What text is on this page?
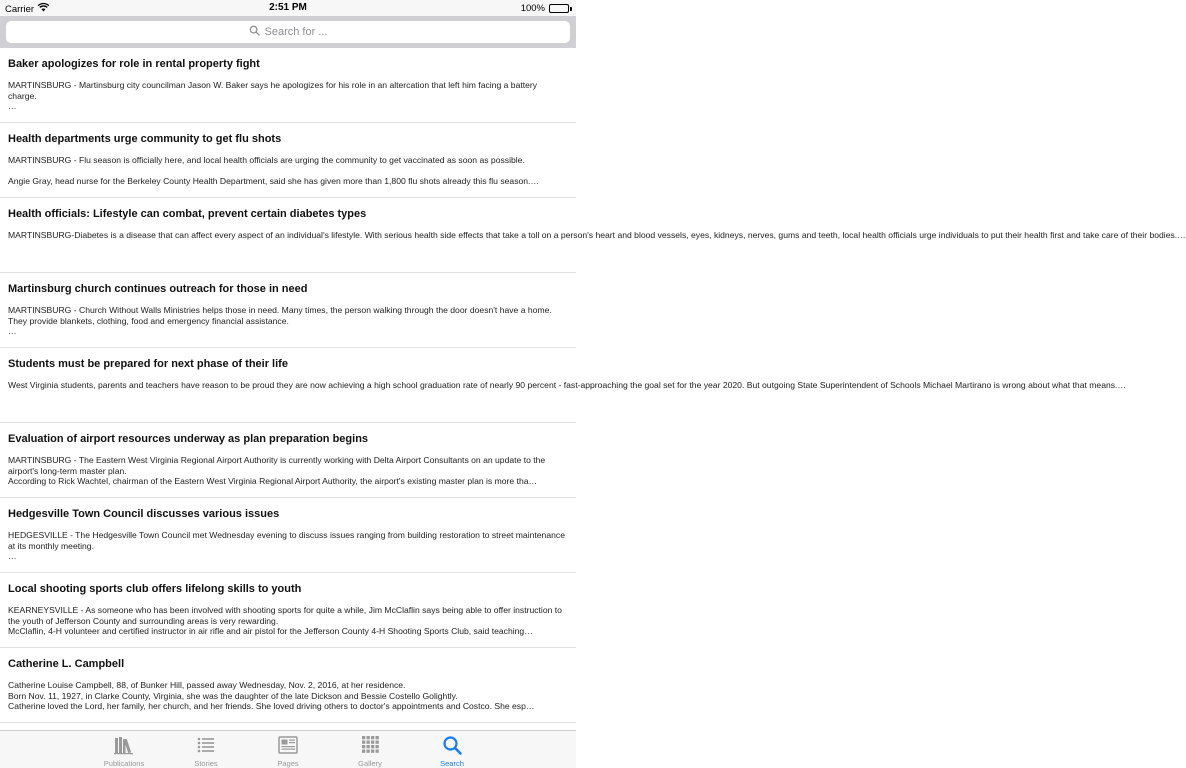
Carrier	2:51 PM	100%
Search for ...
Baker apologizes for role in rental property fight

MARTINSBURG - Martinsburg city councilman Jason W. Baker says he apologizes for his role in an altercation that left him facing a battery charge.

…

Health departments urge community to get flu shots

MARTINSBURG - Flu season is officially here, and local health officials are urging the community to get vaccinated as soon as possible.

Angie Gray, head nurse for the Berkeley County Health Department, said she has given more than 1,800 flu shots already this flu season.…

Health officials: Lifestyle can combat, prevent certain diabetes types

MARTINSBURG-Diabetes is a disease that can affect every aspect of an individual's lifestyle. With serious health side effects that take a toll on a person's heart and blood vessels, eyes, kidneys, nerves, gums and teeth, local health officials urge individuals to put their health first and take care of their bodies.…

Martinsburg church continues outreach for those in need

MARTINSBURG - Church Without Walls Ministries helps those in need. Many times, the person walking through the door doesn't have a home. They provide blankets, clothing, food and emergency financial assistance.

…

Students must be prepared for next phase of their life

West Virginia students, parents and teachers have reason to be proud they are now achieving a high school graduation rate of nearly 90 percent - fast-approaching the goal set for the year 2020. But outgoing State Superintendent of Schools Michael Martirano is wrong about what that means.…

Evaluation of airport resources underway as plan preparation begins

MARTINSBURG - The Eastern West Virginia Regional Airport Authority is currently working with Delta Airport Consultants on an update to the airport's long-term master plan.

According to Rick Wachtel, chairman of the Eastern West Virginia Regional Airport Authority, the airport's existing master plan is more tha…

Hedgesville Town Council discusses various issues

HEDGESVILLE - The Hedgesville Town Council met Wednesday evening to discuss issues ranging from building restoration to street maintenance at its monthly meeting.

…

Local shooting sports club offers lifelong skills to youth

KEARNEYSVILLE - As someone who has been involved with shooting sports for quite a while, Jim McClaflin says being able to offer instruction to the youth of Jefferson County and surrounding areas is very rewarding.

McClaflin, 4-H volunteer and certified instructor in air rifle and air pistol for the Jefferson County 4-H Shooting Sports Club, said teaching…

Catherine L. Campbell

Catherine Louise Campbell, 88, of Bunker Hill, passed away Wednesday, Nov. 2, 2016, at her residence.

Born Nov. 11, 1927, in Clarke County, Virginia, she was the daughter of the late Dickson and Bessie Costello Golightly.

Catherine loved the Lord, her family, her church, and her friends. She loved driving others to doctor's appointments and Costco. She esp…

Publications	Stories	Pages	Gallery	Search
